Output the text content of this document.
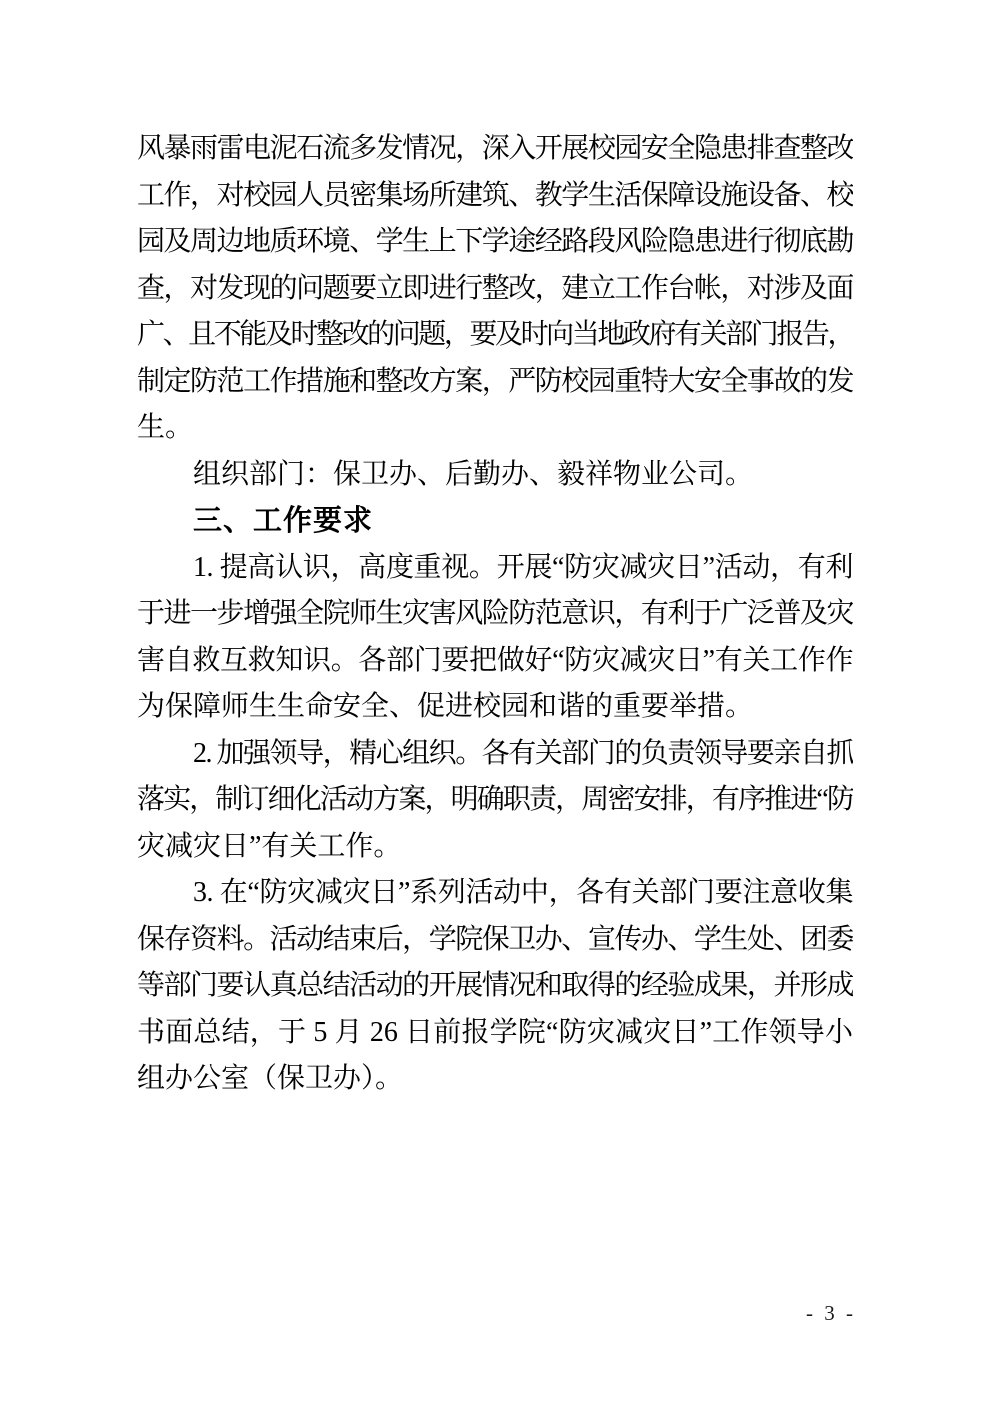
风暴雨雷电泥石流多发情况，深入开展校园安全隐患排查整改
工作，对校园人员密集场所建筑、教学生活保障设施设备、校
园及周边地质环境、学生上下学途经路段风险隐患进行彻底勘
查，对发现的问题要立即进行整改，建立工作台帐，对涉及面
广、且不能及时整改的问题，要及时向当地政府有关部门报告，
制定防范工作措施和整改方案，严防校园重特大安全事故的发
生。
组织部门：保卫办、后勤办、毅祥物业公司。
三、工作要求
1. 提高认识，高度重视。开展“防灾减灾日”活动，有利
于进一步增强全院师生灾害风险防范意识，有利于广泛普及灾
害自救互救知识。各部门要把做好“防灾减灾日”有关工作作
为保障师生生命安全、促进校园和谐的重要举措。
2. 加强领导，精心组织。各有关部门的负责领导要亲自抓
落实，制订细化活动方案，明确职责，周密安排，有序推进“防
灾减灾日”有关工作。
3. 在“防灾减灾日”系列活动中，各有关部门要注意收集
保存资料。活动结束后，学院保卫办、宣传办、学生处、团委
等部门要认真总结活动的开展情况和取得的经验成果，并形成
书面总结，于 5 月 26 日前报学院“防灾减灾日”工作领导小
组办公室（保卫办）。
- 3 -
